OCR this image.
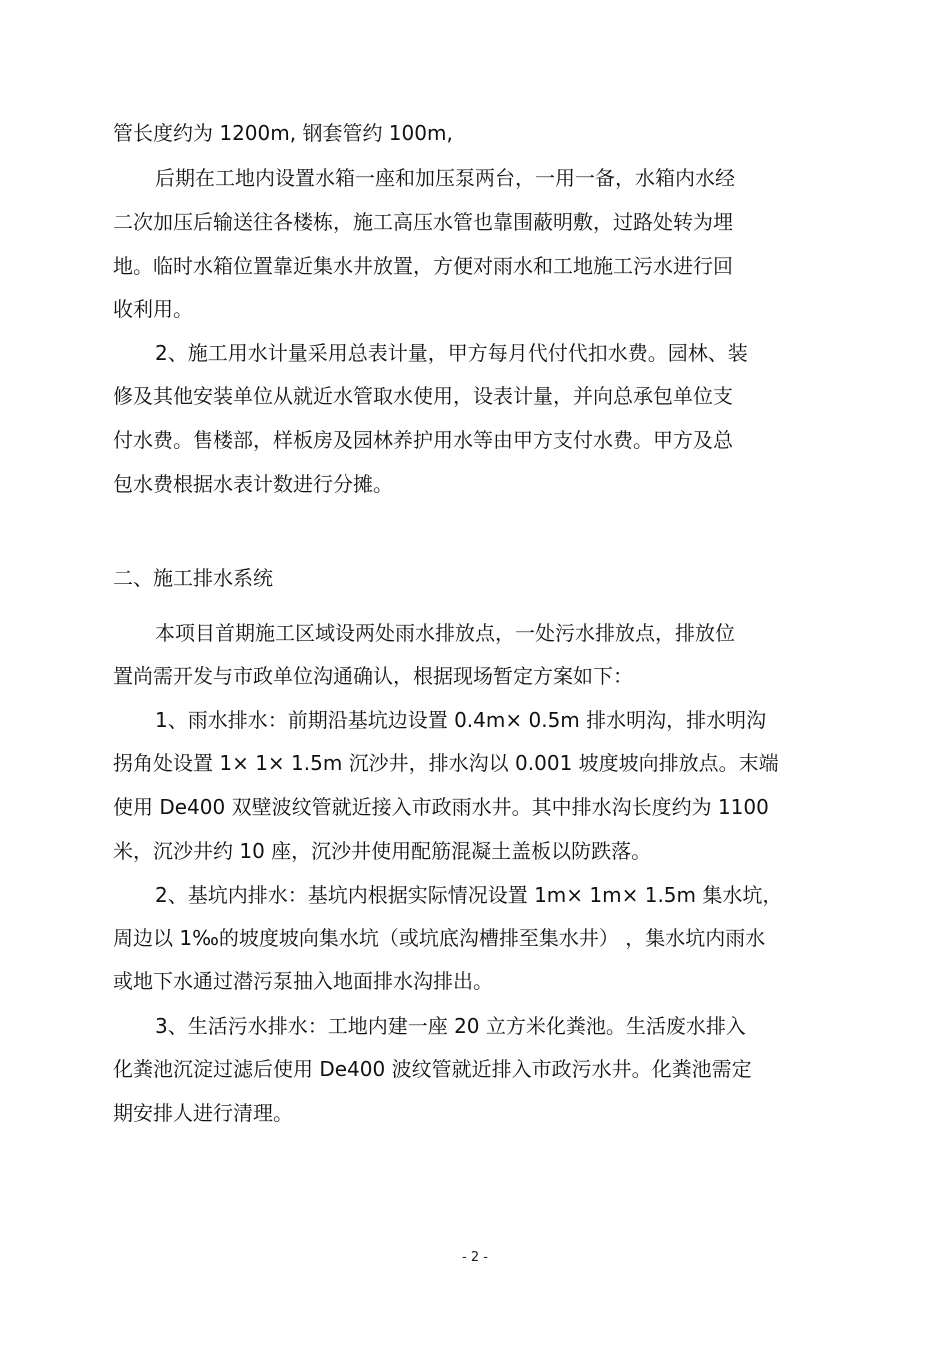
管长度约为 1200m, 钢套管约 100m,
后期在工地内设置水箱一座和加压泵两台，一用一备，水箱内水经
二次加压后输送往各楼栋，施工高压水管也靠围蔽明敷，过路处转为埋
地。临时水箱位置靠近集水井放置，方便对雨水和工地施工污水进行回
收利用。
2、施工用水计量采用总表计量，甲方每月代付代扣水费。园林、装
修及其他安装单位从就近水管取水使用，设表计量，并向总承包单位支
付水费。售楼部，样板房及园林养护用水等由甲方支付水费。甲方及总
包水费根据水表计数进行分摊。
二、施工排水系统
本项目首期施工区域设两处雨水排放点，一处污水排放点，排放位
置尚需开发与市政单位沟通确认，根据现场暂定方案如下：
1、雨水排水：前期沿基坑边设置 0.4m× 0.5m 排水明沟，排水明沟
拐角处设置 1× 1× 1.5m 沉沙井，排水沟以 0.001 坡度坡向排放点。末端
使用 De400 双壁波纹管就近接入市政雨水井。其中排水沟长度约为 1100
米，沉沙井约 10 座，沉沙井使用配筋混凝土盖板以防跌落。
2、基坑内排水：基坑内根据实际情况设置 1m× 1m× 1.5m 集水坑，
周边以 1‰的坡度坡向集水坑（或坑底沟槽排至集水井） ，集水坑内雨水
或地下水通过潜污泵抽入地面排水沟排出。
3、生活污水排水：工地内建一座 20 立方米化粪池。生活废水排入
化粪池沉淀过滤后使用 De400 波纹管就近排入市政污水井。化粪池需定
期安排人进行清理。
- 2 -
